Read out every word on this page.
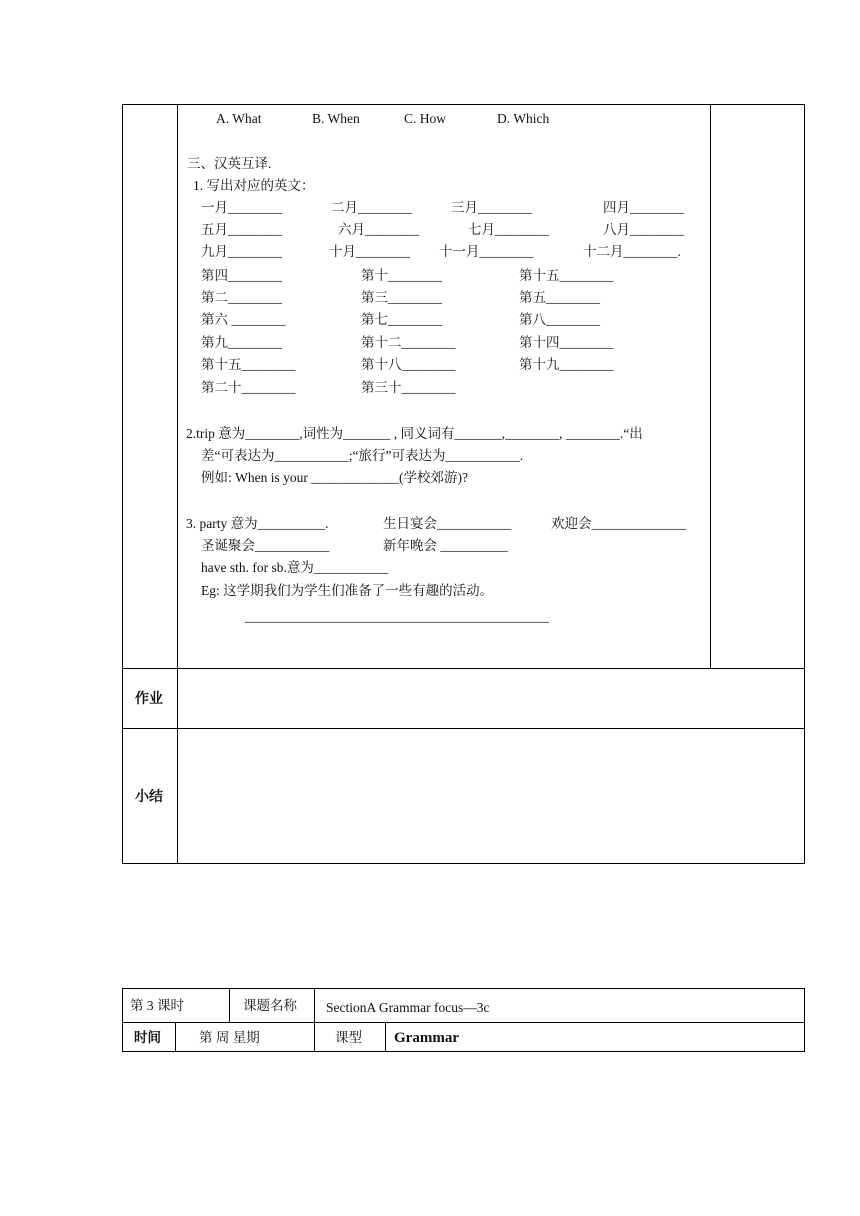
A. What	B. When	C. How	D. Which
三、汉英互译.
1. 写出对应的英文：
一月________	二月________	三月________	四月________
五月________	六月________	七月________	八月________
九月________	十月________ 十一月________	十二月________.
第四________	第十________	第十五________
第二________	第三________	第五________
第六 ________	第七________	第八________
第九________	第十二________	第十四________
第十五________	第十八________	第十九________
第二十________	第三十________
2.trip 意为________,词性为_______ , 同义词有_______,________, ________.“出
差“可表达为___________;“旅行”可表达为___________.
例如: When is your _____________(学校郊游)?
3. party 意为__________.	生日宴会___________	欢迎会______________
圣诞聚会___________	新年晚会 __________
have sth. for sb.意为___________
Eg: 这学期我们为学生们准备了一些有趣的活动。
_____________________________________________
作业
小结
第 3 课时	课题名称 SectionA Grammar focus—3c
时间	第 周 星期	课型 Grammar
